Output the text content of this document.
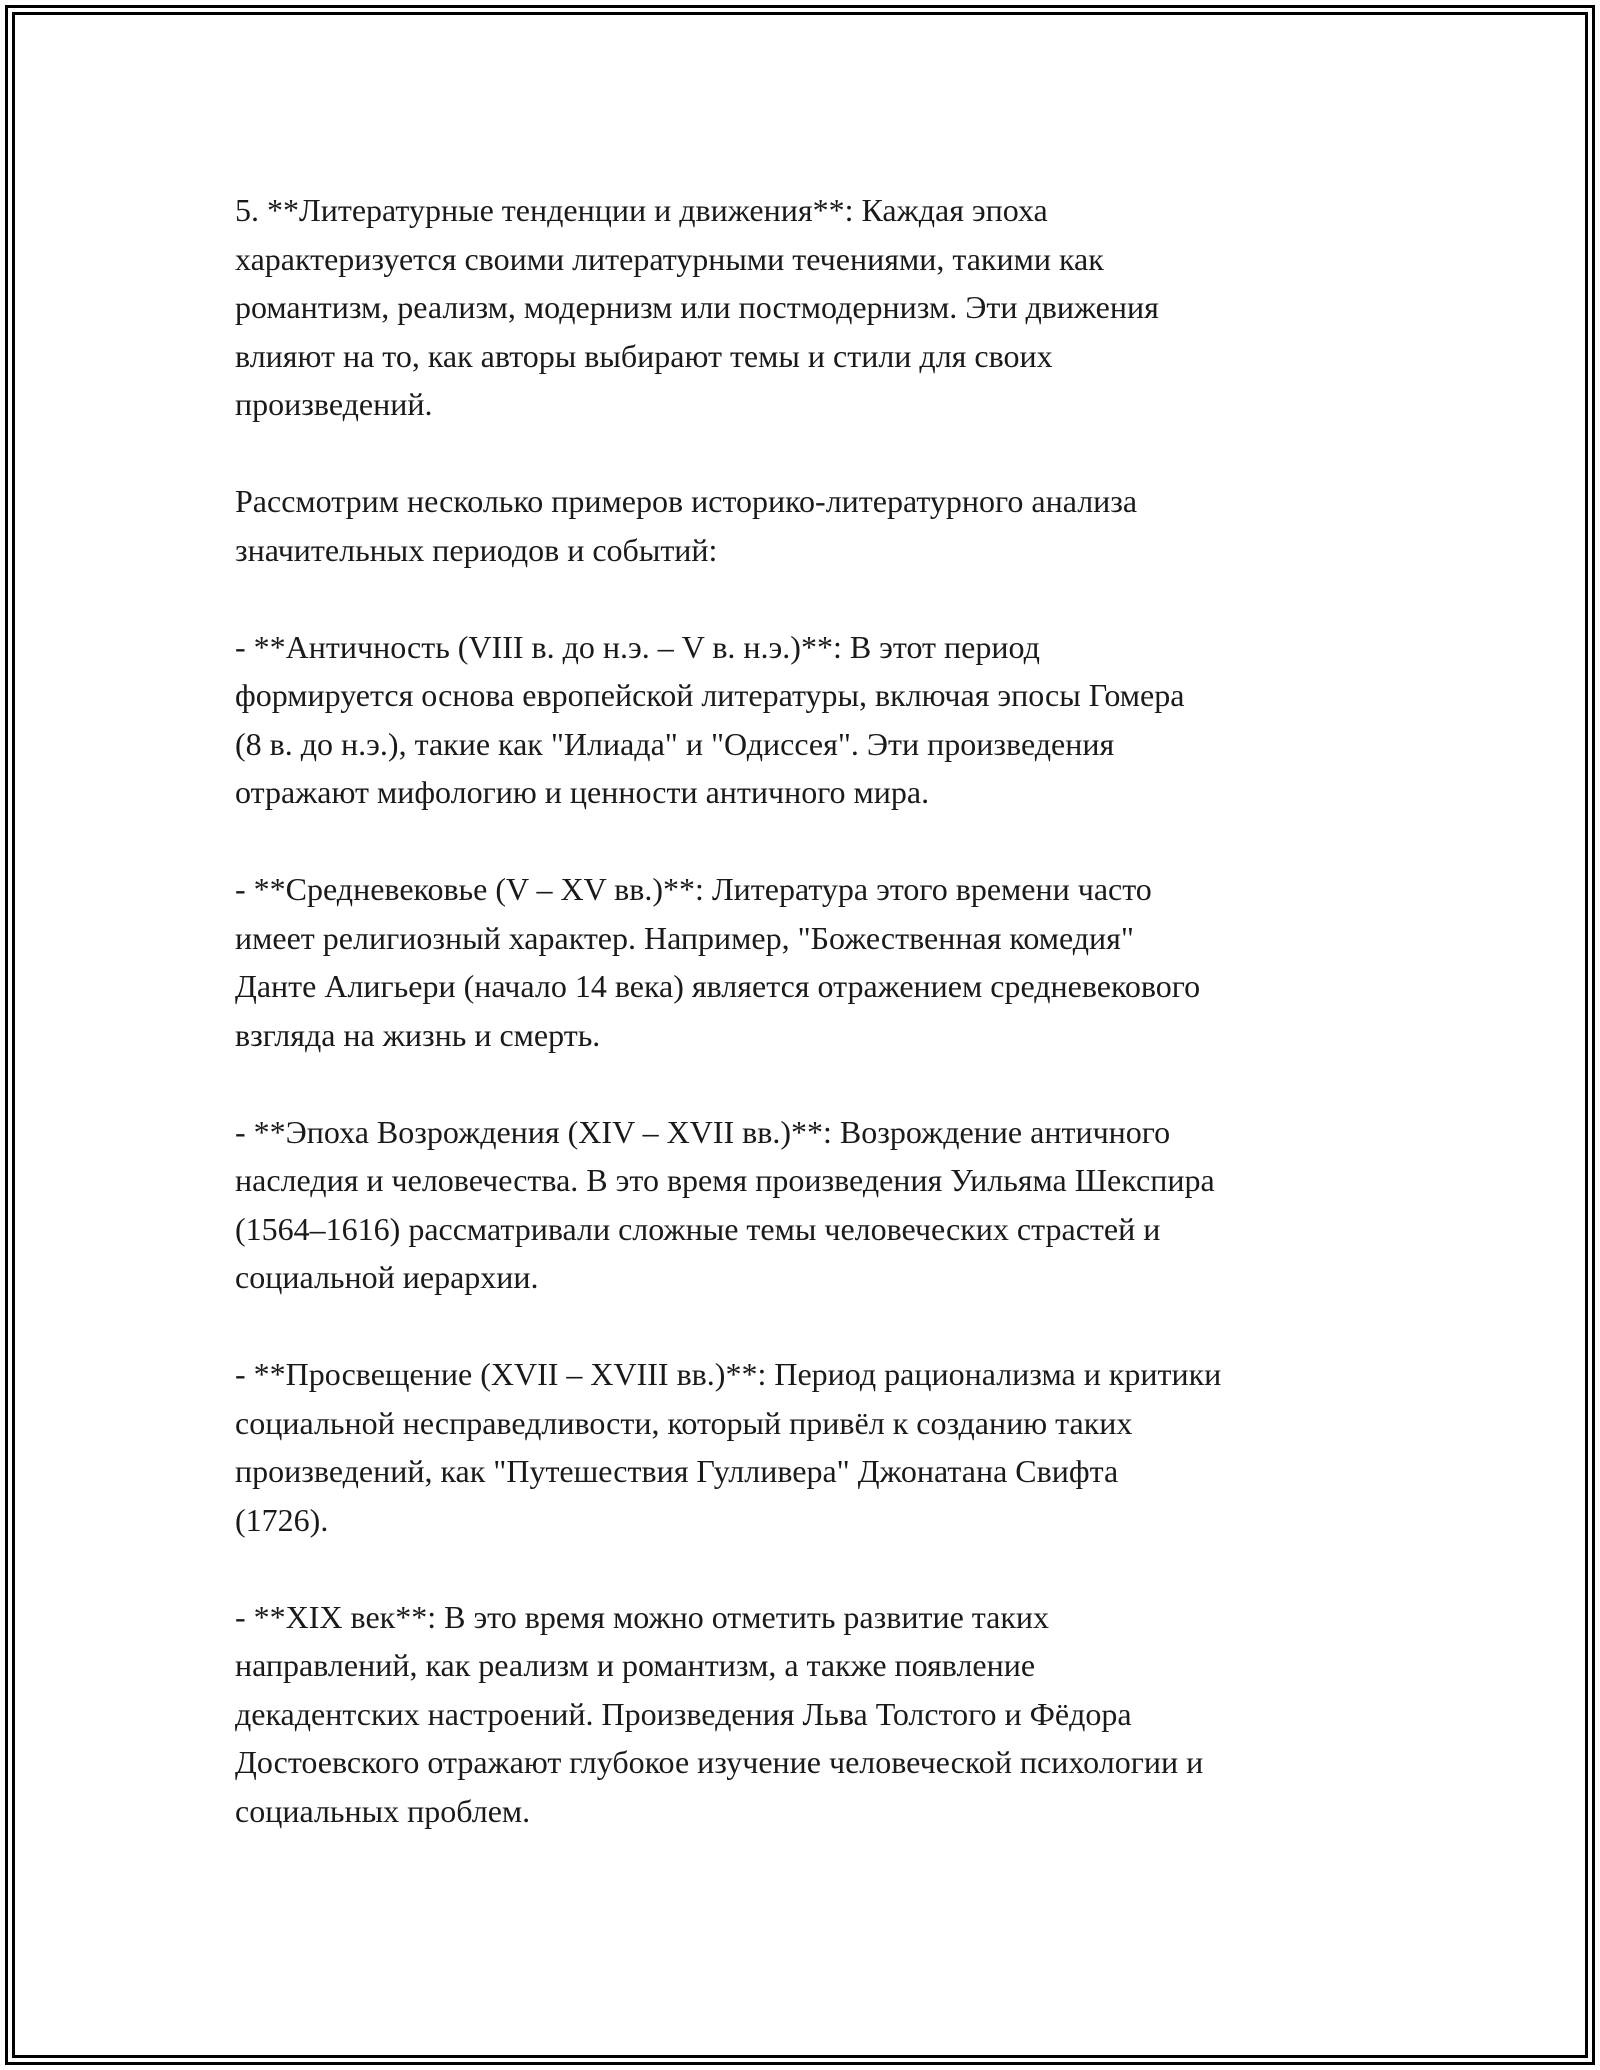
5. **Литературные тенденции и движения**: Каждая эпоха
характеризуется своими литературными течениями, такими как
романтизм, реализм, модернизм или постмодернизм. Эти движения
влияют на то, как авторы выбирают темы и стили для своих
произведений.

Рассмотрим несколько примеров историко-литературного анализа
значительных периодов и событий:

- **Античность (VIII в. до н.э. – V в. н.э.)**: В этот период
формируется основа европейской литературы, включая эпосы Гомера
(8 в. до н.э.), такие как "Илиада" и "Одиссея". Эти произведения
отражают мифологию и ценности античного мира.

- **Средневековье (V – XV вв.)**: Литература этого времени часто
имеет религиозный характер. Например, "Божественная комедия"
Данте Алигьери (начало 14 века) является отражением средневекового
взгляда на жизнь и смерть.

- **Эпоха Возрождения (XIV – XVII вв.)**: Возрождение античного
наследия и человечества. В это время произведения Уильяма Шекспира
(1564–1616) рассматривали сложные темы человеческих страстей и
социальной иерархии.

- **Просвещение (XVII – XVIII вв.)**: Период рационализма и критики
социальной несправедливости, который привёл к созданию таких
произведений, как "Путешествия Гулливера" Джонатана Свифта
(1726).

- **XIX век**: В это время можно отметить развитие таких
направлений, как реализм и романтизм, а также появление
декадентских настроений. Произведения Льва Толстого и Фёдора
Достоевского отражают глубокое изучение человеческой психологии и
социальных проблем.
